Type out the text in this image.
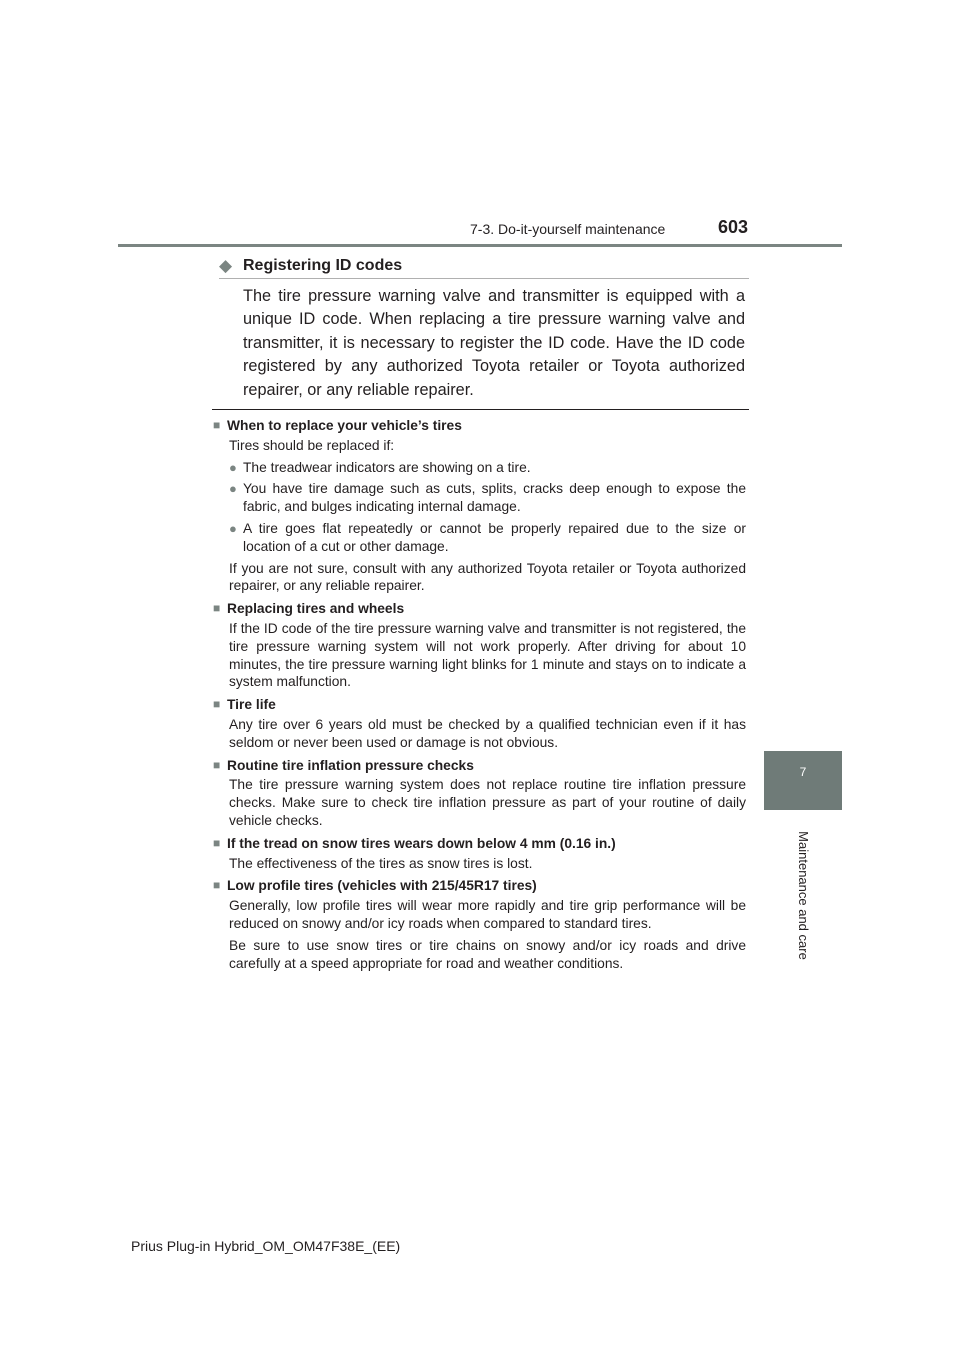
7-3. Do-it-yourself maintenance	603
7
Maintenance and care
◆ Registering ID codes
The tire pressure warning valve and transmitter is equipped with a unique ID code. When replacing a tire pressure warning valve and transmitter, it is necessary to register the ID code. Have the ID code registered by any authorized Toyota retailer or Toyota authorized repairer, or any reliable repairer.
■ When to replace your vehicle’s tires
Tires should be replaced if:
● The treadwear indicators are showing on a tire.
● You have tire damage such as cuts, splits, cracks deep enough to expose the fabric, and bulges indicating internal damage.
● A tire goes flat repeatedly or cannot be properly repaired due to the size or location of a cut or other damage.
If you are not sure, consult with any authorized Toyota retailer or Toyota authorized repairer, or any reliable repairer.
■ Replacing tires and wheels
If the ID code of the tire pressure warning valve and transmitter is not registered, the tire pressure warning system will not work properly. After driving for about 10 minutes, the tire pressure warning light blinks for 1 minute and stays on to indicate a system malfunction.
■ Tire life
Any tire over 6 years old must be checked by a qualified technician even if it has seldom or never been used or damage is not obvious.
■ Routine tire inflation pressure checks
The tire pressure warning system does not replace routine tire inflation pressure checks. Make sure to check tire inflation pressure as part of your routine of daily vehicle checks.
■ If the tread on snow tires wears down below 4 mm (0.16 in.)
The effectiveness of the tires as snow tires is lost.
■ Low profile tires (vehicles with 215/45R17 tires)
Generally, low profile tires will wear more rapidly and tire grip performance will be reduced on snowy and/or icy roads when compared to standard tires.
Be sure to use snow tires or tire chains on snowy and/or icy roads and drive carefully at a speed appropriate for road and weather conditions.
Prius Plug-in Hybrid_OM_OM47F38E_(EE)
